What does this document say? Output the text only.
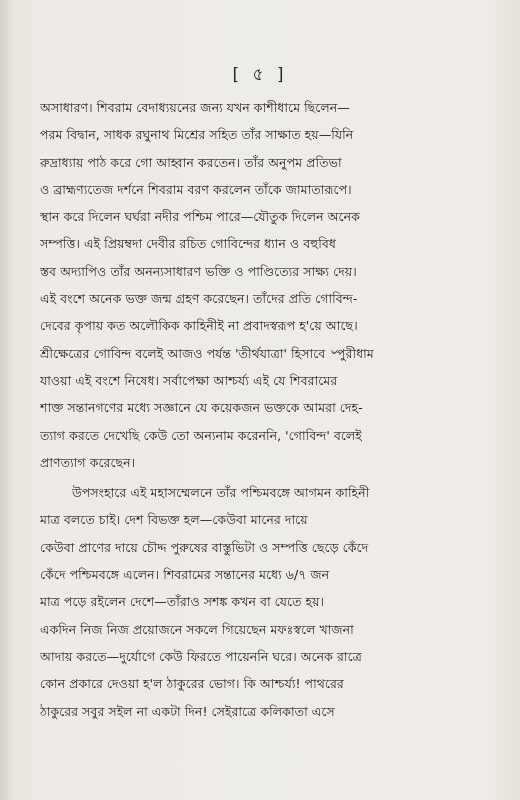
[ ৫ ]
অসাধারণ। শিবরাম বেদাধ্যয়নের জন্য যখন কাশীধামে ছিলেন—
পরম বিদ্বান, সাধক রঘুনাথ মিশ্রের সহিত তাঁর সাক্ষাত হয়—যিনি
রুদ্রাধ্যায় পাঠ করে গো আহ্বান করতেন। তাঁর অনুপম প্রতিভা
ও ব্রাহ্মণ্যতেজ দর্শনে শিবরাম বরণ করলেন তাঁকে জামাতারূপে।
স্থান করে দিলেন ঘর্ঘরা নদীর পশ্চিম পারে—যৌতুক দিলেন অনেক
সম্পত্তি। এই প্রিয়ম্বদা দেবীর রচিত গোবিন্দের ধ্যান ও বহুবিধ
স্তব অদ্যাপিও তাঁর অনন্যসাধারণ ভক্তি ও পাণ্ডিত্যের সাক্ষ্য দেয়।
এই বংশে অনেক ভক্ত জন্ম গ্রহণ করেছেন। তাঁদের প্রতি গোবিন্দ-
দেবের কৃপায় কত অলৌকিক কাহিনীই না প্রবাদস্বরূপ হ'য়ে আছে।
শ্রীক্ষেত্রের গোবিন্দ বলেই আজও পর্যন্ত 'তীর্থযাত্রা' হিসাবে ৺পুরীধাম
যাওয়া এই বংশে নিষেধ। সর্বাপেক্ষা আশ্চর্য্য এই যে শিবরামের
শাক্ত সন্তানগণের মধ্যে সজ্ঞানে যে কয়েকজন ভক্তকে আমরা দেহ-
ত্যাগ করতে দেখেছি কেউ তো অন্যনাম করেননি, 'গোবিন্দ' বলেই
প্রাণত্যাগ করেছেন।
উপসংহারে এই মহাসম্মেলনে তাঁর পশ্চিমবঙ্গে আগমন কাহিনী
মাত্র বলতে চাই। দেশ বিভক্ত হল—কেউবা মানের দায়ে
কেউবা প্রাণের দায়ে চৌদ্দ পুরুষের বাস্তুভিটা ও সম্পত্তি ছেড়ে কেঁদে
কেঁদে পশ্চিমবঙ্গে এলেন। শিবরামের সন্তানের মধ্যে ৬/৭ জন
মাত্র পড়ে রইলেন দেশে—তাঁরাও সশঙ্ক কখন বা যেতে হয়।
একদিন নিজ নিজ প্রয়োজনে সকলে গিয়েছেন মফঃস্বলে খাজনা
আদায় করতে—দুর্যোগে কেউ ফিরতে পায়েননি ঘরে। অনেক রাত্রে
কোন প্রকারে দেওয়া হ'ল ঠাকুরের ভোগ। কি আশ্চর্য্য! পাথরের
ঠাকুরের সবুর সইল না একটা দিন! সেইরাত্রে কলিকাতা এসে
